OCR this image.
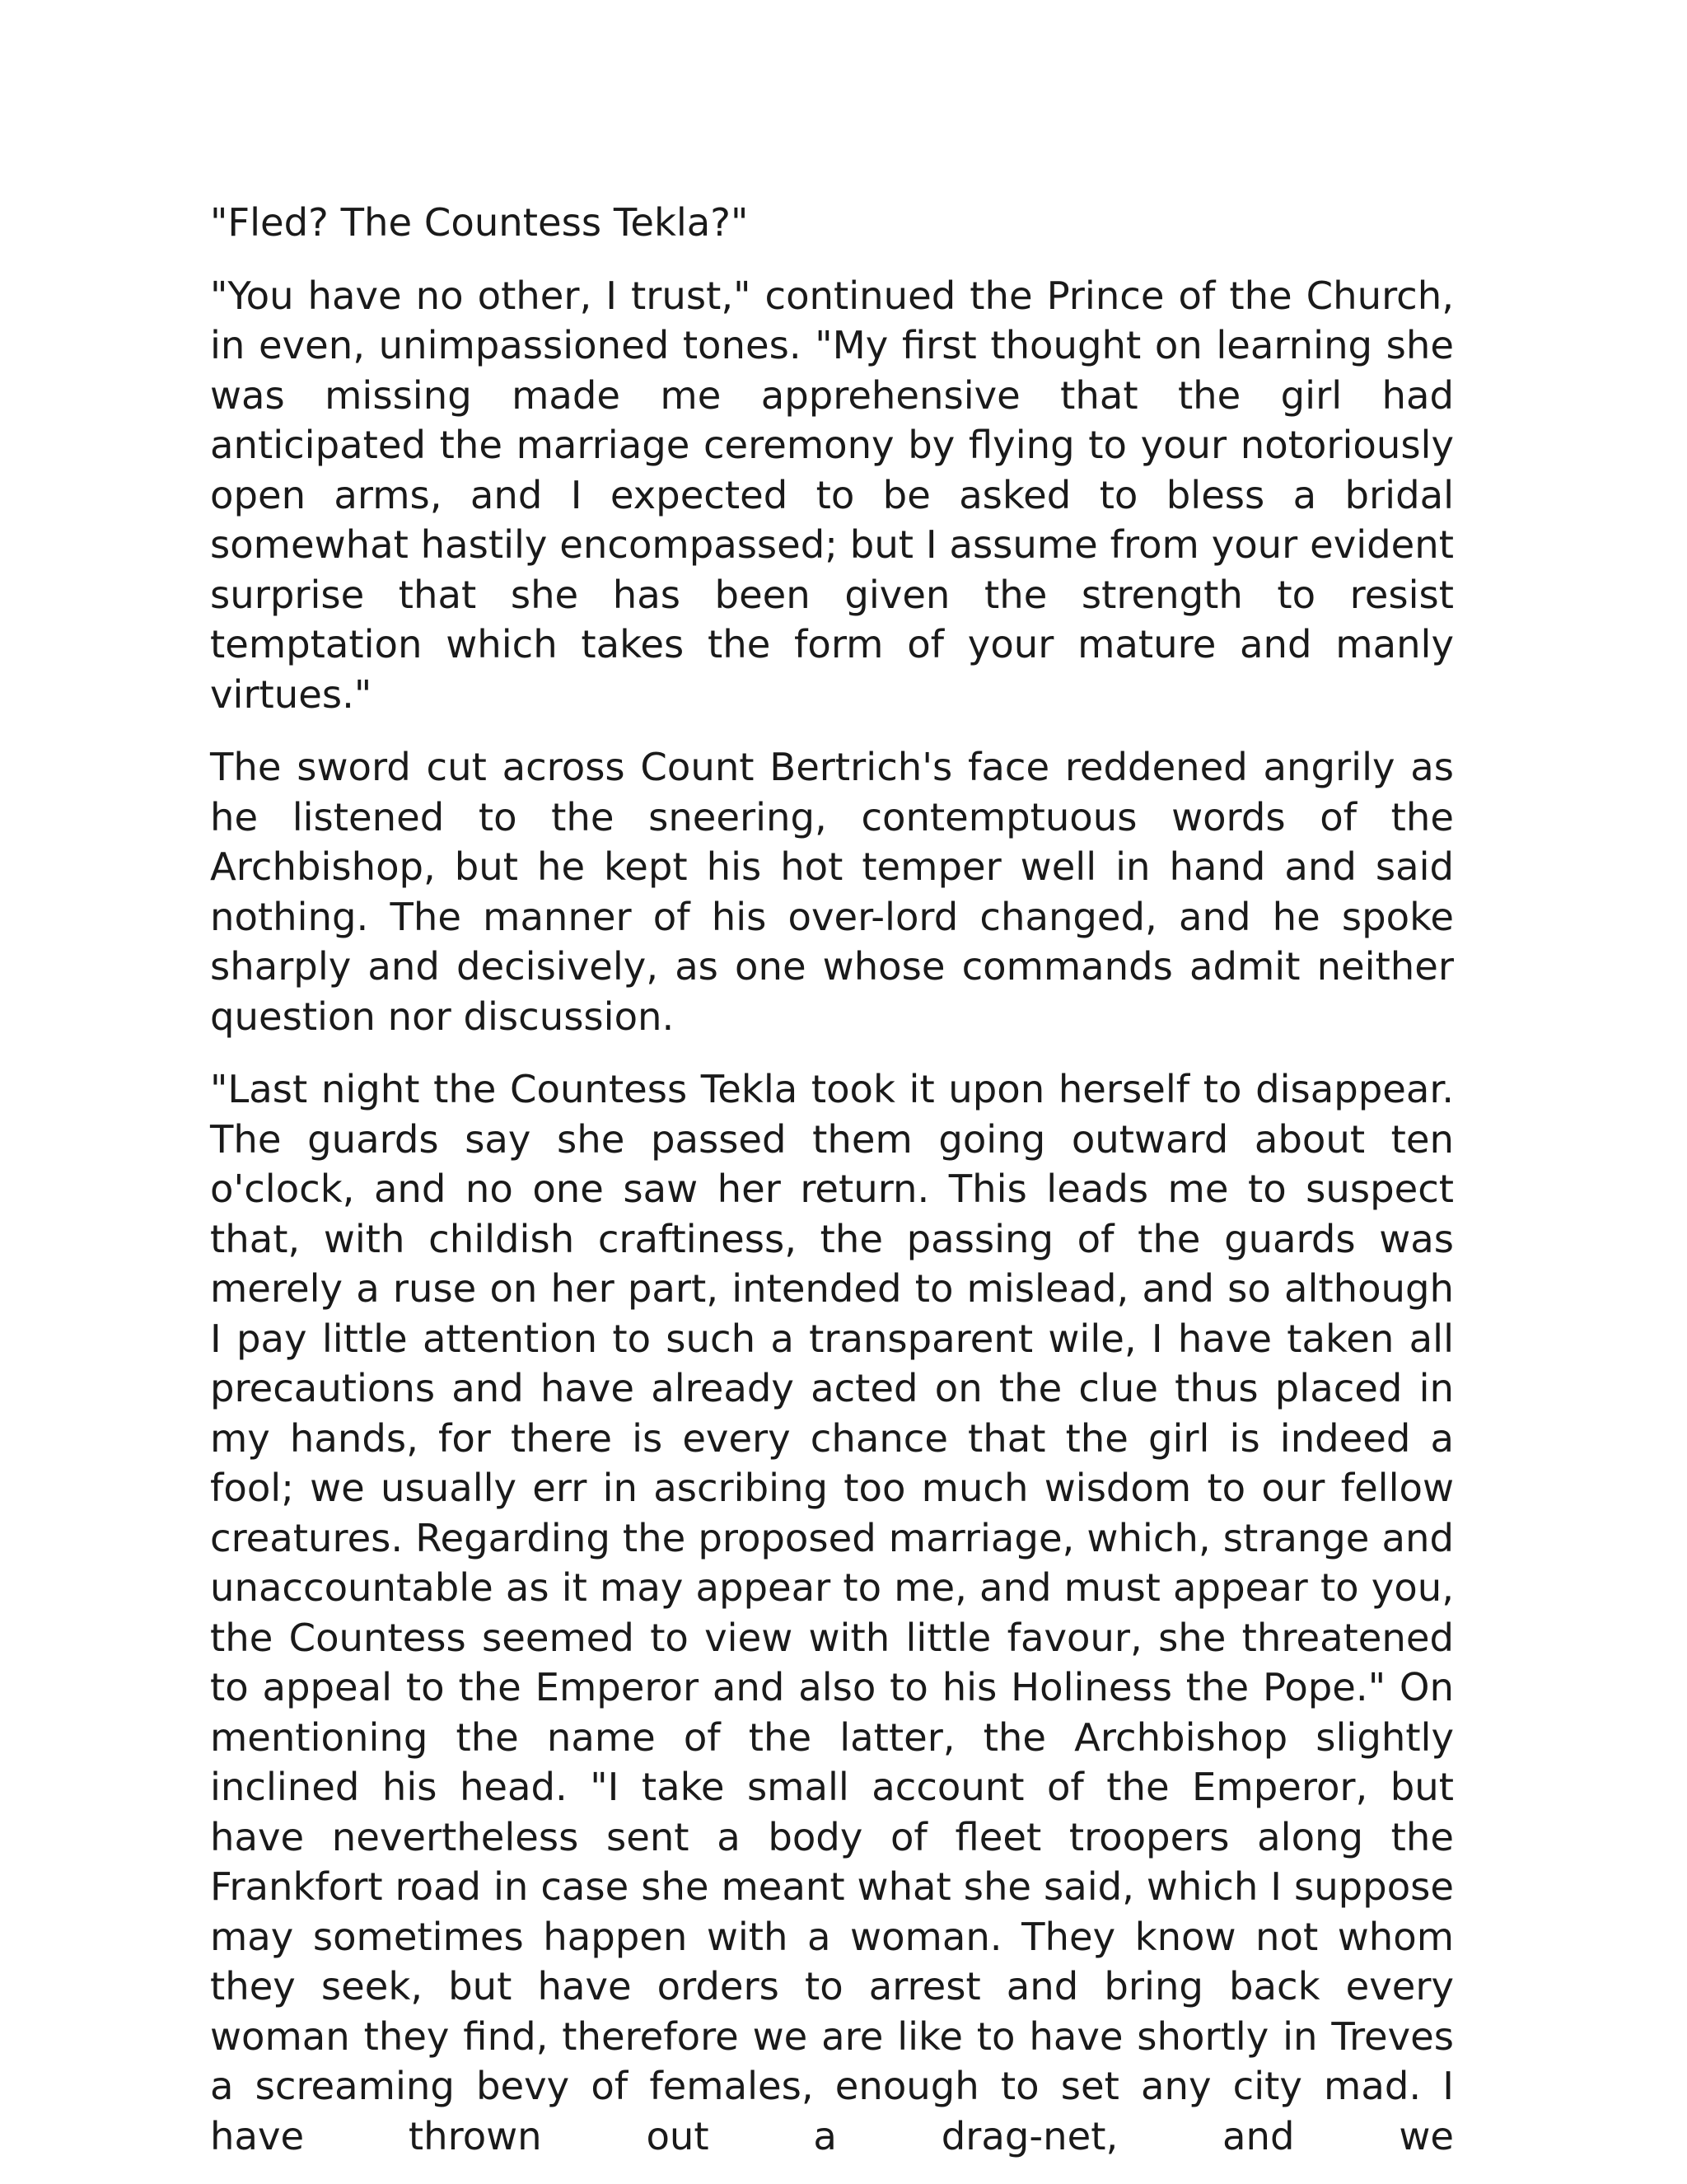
"Fled? The Countess Tekla?"

"You have no other, I trust," continued the Prince of the Church, in even, unimpassioned tones. "My first thought on learning she was missing made me apprehensive that the girl had anticipated the marriage ceremony by flying to your notoriously open arms, and I expected to be asked to bless a bridal somewhat hastily encompassed; but I assume from your evident surprise that she has been given the strength to resist temptation which takes the form of your mature and manly virtues."

The sword cut across Count Bertrich's face reddened angrily as he listened to the sneering, contemptuous words of the Archbishop, but he kept his hot temper well in hand and said nothing. The manner of his over-lord changed, and he spoke sharply and decisively, as one whose commands admit neither question nor discussion.

"Last night the Countess Tekla took it upon herself to disappear. The guards say she passed them going outward about ten o'clock, and no one saw her return. This leads me to suspect that, with childish craftiness, the passing of the guards was merely a ruse on her part, intended to mislead, and so although I pay little attention to such a transparent wile, I have taken all precautions and have already acted on the clue thus placed in my hands, for there is every chance that the girl is indeed a fool; we usually err in ascribing too much wisdom to our fellow creatures. Regarding the proposed marriage, which, strange and unaccountable as it may appear to me, and must appear to you, the Countess seemed to view with little favour, she threatened to appeal to the Emperor and also to his Holiness the Pope." On mentioning the name of the latter, the Archbishop slightly inclined his head. "I take small account of the Emperor, but have nevertheless sent a body of fleet troopers along the Frankfort road in case she meant what she said, which I suppose may sometimes happen with a woman. They know not whom they seek, but have orders to arrest and bring back every woman they find, therefore we are like to have shortly in Treves a screaming bevy of females, enough to set any city mad. I have thrown out a drag-net, and we
